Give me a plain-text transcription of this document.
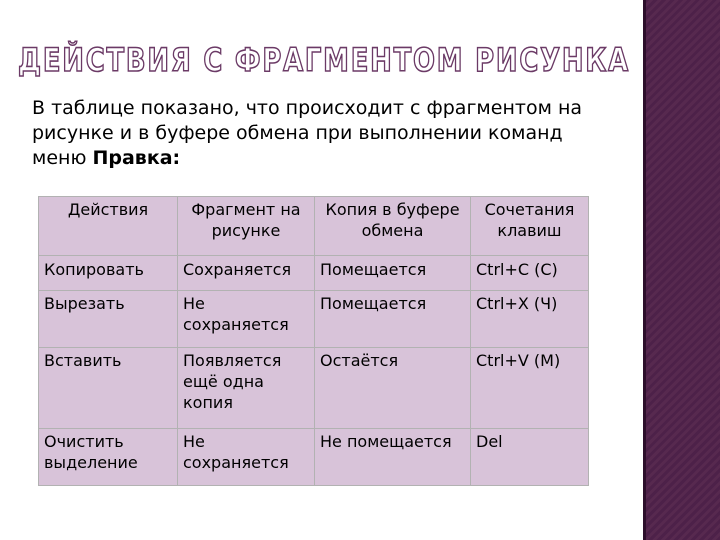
ДЕЙСТВИЯ С ФРАГМЕНТОМ РИСУНКА
В таблице показано, что происходит с фрагментом на рисунке и в буфере обмена при выполнении команд меню Правка:
Действия	Фрагмент на рисунке	Копия в буфере обмена	Сочетания клавиш
Копировать	Сохраняется	Помещается	Ctrl+C (С)
Вырезать	Не сохраняется	Помещается	Ctrl+X (Ч)
Вставить	Появляется ещё одна копия	Остаётся	Ctrl+V (М)
Очистить выделение	Не сохраняется	Не помещается	Del
